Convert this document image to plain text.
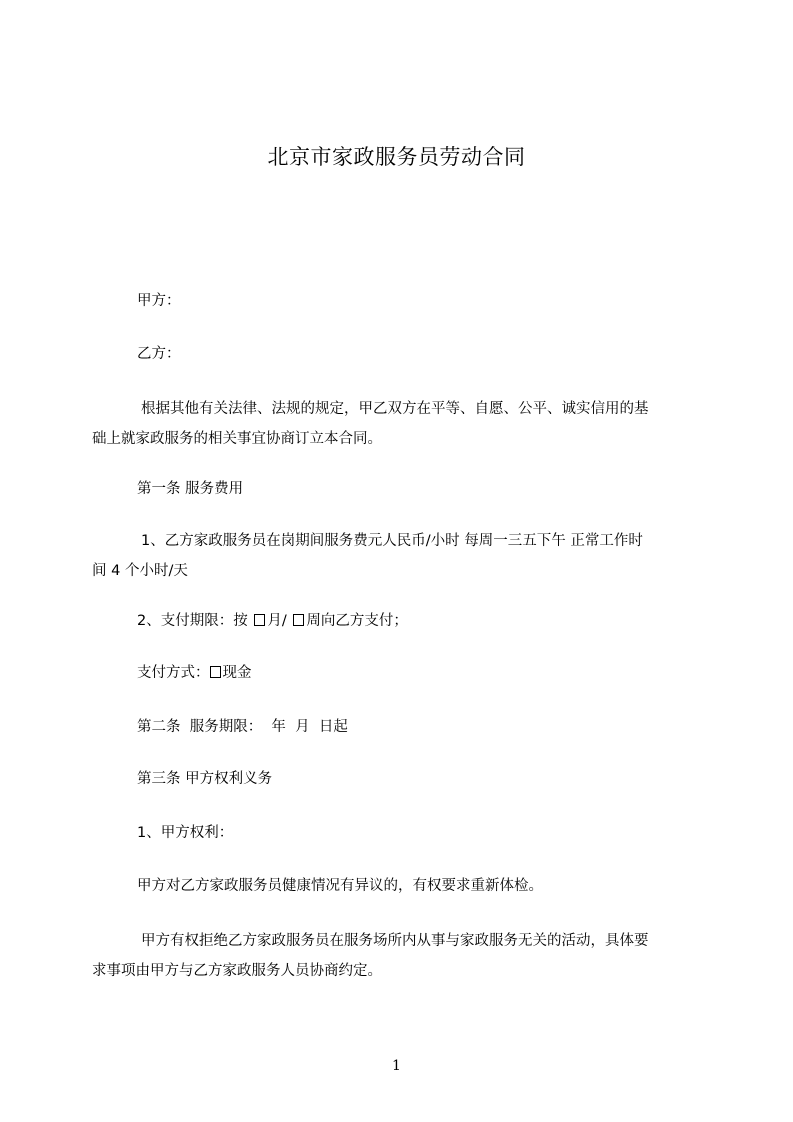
北京市家政服务员劳动合同
甲方：
乙方：
根据其他有关法律、法规的规定，甲乙双方在平等、自愿、公平、诚实信用的基
础上就家政服务的相关事宜协商订立本合同。
第一条 服务费用
1、乙方家政服务员在岗期间服务费元人民币/小时 每周一三五下午 正常工作时
间 4 个小时/天
2、支付期限：按 月/ 周向乙方支付；
支付方式： 现金
第二条  服务期限：  年  月  日起
第三条 甲方权利义务
1、甲方权利：
甲方对乙方家政服务员健康情况有异议的，有权要求重新体检。
甲方有权拒绝乙方家政服务员在服务场所内从事与家政服务无关的活动，具体要
求事项由甲方与乙方家政服务人员协商约定。
1
